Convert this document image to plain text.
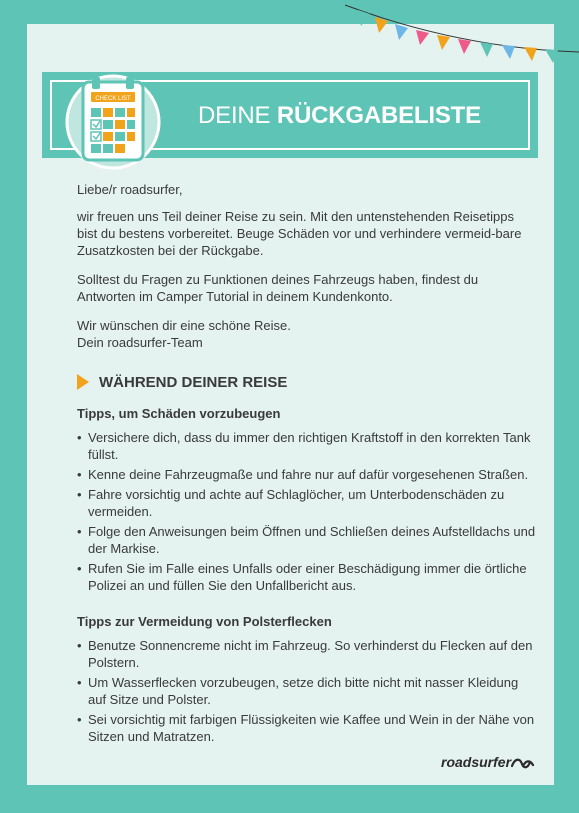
CHECK LIST
DEINE RÜCKGABELISTE

Liebe/r roadsurfer,

wir freuen uns Teil deiner Reise zu sein. Mit den untenstehenden Reisetipps bist du bestens vorbereitet. Beuge Schäden vor und verhindere vermeid-bare Zusatzkosten bei der Rückgabe.

Solltest du Fragen zu Funktionen deines Fahrzeugs haben, findest du Antworten im Camper Tutorial in deinem Kundenkonto.

Wir wünschen dir eine schöne Reise.

Dein roadsurfer-Team

WÄHREND DEINER REISE
Tipps, um Schäden vorzubeugen
• Versichere dich, dass du immer den richtigen Kraftstoff in den korrekten Tank füllst.
• Kenne deine Fahrzeugmaße und fahre nur auf dafür vorgesehenen Straßen.
• Fahre vorsichtig und achte auf Schlaglöcher, um Unterbodenschäden zu vermeiden.
• Folge den Anweisungen beim Öffnen und Schließen deines Aufstelldachs und der Markise.
• Rufen Sie im Falle eines Unfalls oder einer Beschädigung immer die örtliche Polizei an und füllen Sie den Unfallbericht aus.
Tipps zur Vermeidung von Polsterflecken
• Benutze Sonnencreme nicht im Fahrzeug. So verhinderst du Flecken auf den Polstern.
• Um Wasserflecken vorzubeugen, setze dich bitte nicht mit nasser Kleidung auf Sitze und Polster.
• Sei vorsichtig mit farbigen Flüssigkeiten wie Kaffee und Wein in der Nähe von Sitzen und Matratzen.
roadsurfer
